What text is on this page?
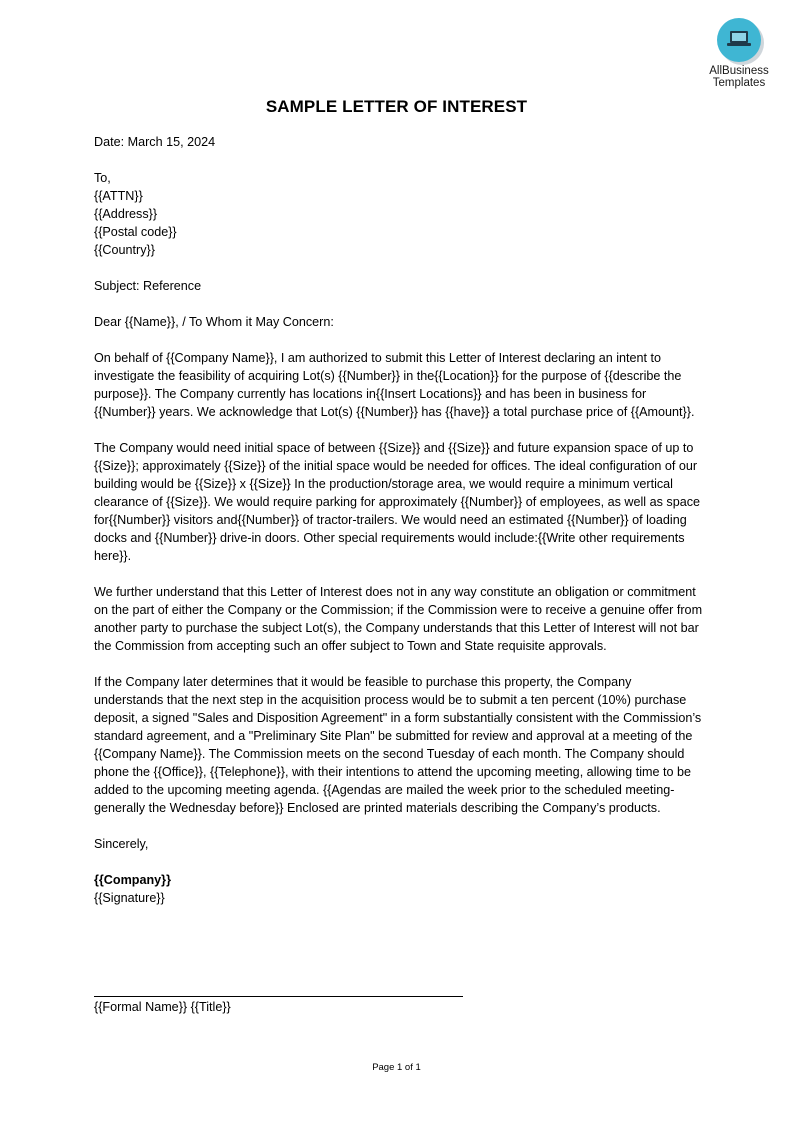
AllBusiness
Templates
SAMPLE LETTER OF INTEREST

Date: March 15, 2024

To,

{{ATTN}}

{{Address}}

{{Postal code}}

{{Country}}

Subject: Reference

Dear {{Name}}, / To Whom it May Concern:

On behalf of {{Company Name}}, I am authorized to submit this Letter of Interest declaring an intent to investigate the feasibility of acquiring Lot(s) {{Number}} in the{{Location}} for the purpose of {{describe the purpose}}. The Company currently has locations in{{Insert Locations}} and has been in business for {{Number}} years. We acknowledge that Lot(s) {{Number}} has {{have}} a total purchase price of {{Amount}}.

The Company would need initial space of between {{Size}} and {{Size}} and future expansion space of up to {{Size}}; approximately {{Size}} of the initial space would be needed for offices. The ideal configuration of our building would be {{Size}} x {{Size}} In the production/storage area, we would require a minimum vertical clearance of {{Size}}. We would require parking for approximately {{Number}} of employees, as well as space for{{Number}} visitors and{{Number}} of tractor-trailers. We would need an estimated {{Number}} of loading docks and {{Number}} drive-in doors. Other special requirements would include:{{Write other requirements here}}.

We further understand that this Letter of Interest does not in any way constitute an obligation or commitment on the part of either the Company or the Commission; if the Commission were to receive a genuine offer from another party to purchase the subject Lot(s), the Company understands that this Letter of Interest will not bar the Commission from accepting such an offer subject to Town and State requisite approvals.

If the Company later determines that it would be feasible to purchase this property, the Company understands that the next step in the acquisition process would be to submit a ten percent (10%) purchase deposit, a signed "Sales and Disposition Agreement" in a form substantially consistent with the Commission’s standard agreement, and a "Preliminary Site Plan" be submitted for review and approval at a meeting of the {{Company Name}}. The Commission meets on the second Tuesday of each month. The Company should phone the {{Office}}, {{Telephone}}, with their intentions to attend the upcoming meeting, allowing time to be added to the upcoming meeting agenda. {{Agendas are mailed the week prior to the scheduled meeting- generally the Wednesday before}} Enclosed are printed materials describing the Company’s products.

Sincerely,

{{Company}}

{{Signature}}

{{Formal Name}} {{Title}}
Page 1 of 1
